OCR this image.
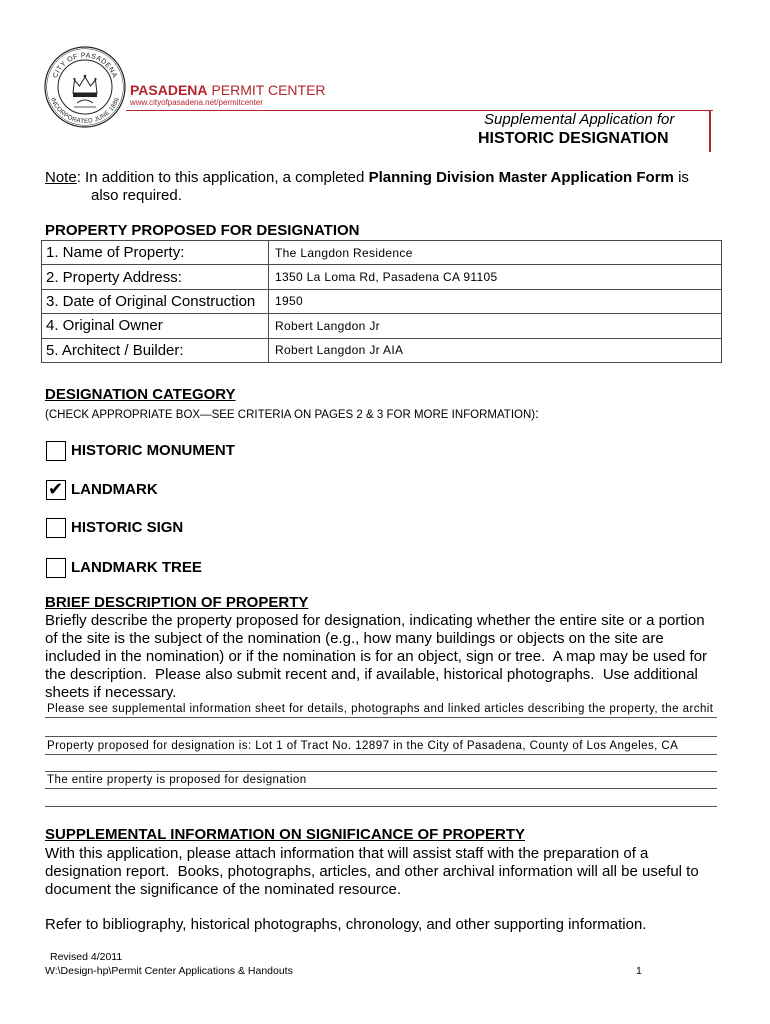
CITY OF PASADENA
INCORPORATED JUNE 1886
PASADENA PERMIT CENTER
www.cityofpasadena.net/permitcenter
Supplemental Application for
HISTORIC DESIGNATION
Note: In addition to this application, a completed Planning Division Master Application Form is
also required.
PROPERTY PROPOSED FOR DESIGNATION
1. Name of Property:	The Langdon Residence
2. Property Address:	1350 La Loma Rd, Pasadena CA 91105
3. Date of Original Construction	1950
4. Original Owner	Robert Langdon Jr
5. Architect / Builder:	Robert Langdon Jr AIA
DESIGNATION CATEGORY
(CHECK APPROPRIATE BOX—SEE CRITERIA ON PAGES 2 & 3 FOR MORE INFORMATION):
HISTORIC MONUMENT
✔
LANDMARK
HISTORIC SIGN
LANDMARK TREE
BRIEF DESCRIPTION OF PROPERTY
Briefly describe the property proposed for designation, indicating whether the entire site or a portion
of the site is the subject of the nomination (e.g., how many buildings or objects on the site are
included in the nomination) or if the nomination is for an object, sign or tree.  A map may be used for
the description.  Please also submit recent and, if available, historical photographs.  Use additional
sheets if necessary.
Please see supplemental information sheet for details, photographs and linked articles describing the property, the archit
Property proposed for designation is: Lot 1 of Tract No. 12897 in the City of Pasadena, County of Los Angeles, CA
The entire property is proposed for designation
SUPPLEMENTAL INFORMATION ON SIGNIFICANCE OF PROPERTY
With this application, please attach information that will assist staff with the preparation of a
designation report.  Books, photographs, articles, and other archival information will all be useful to
document the significance of the nominated resource.
Refer to bibliography, historical photographs, chronology, and other supporting information.
Revised 4/2011
W:\Design-hp\Permit Center Applications & Handouts	1
